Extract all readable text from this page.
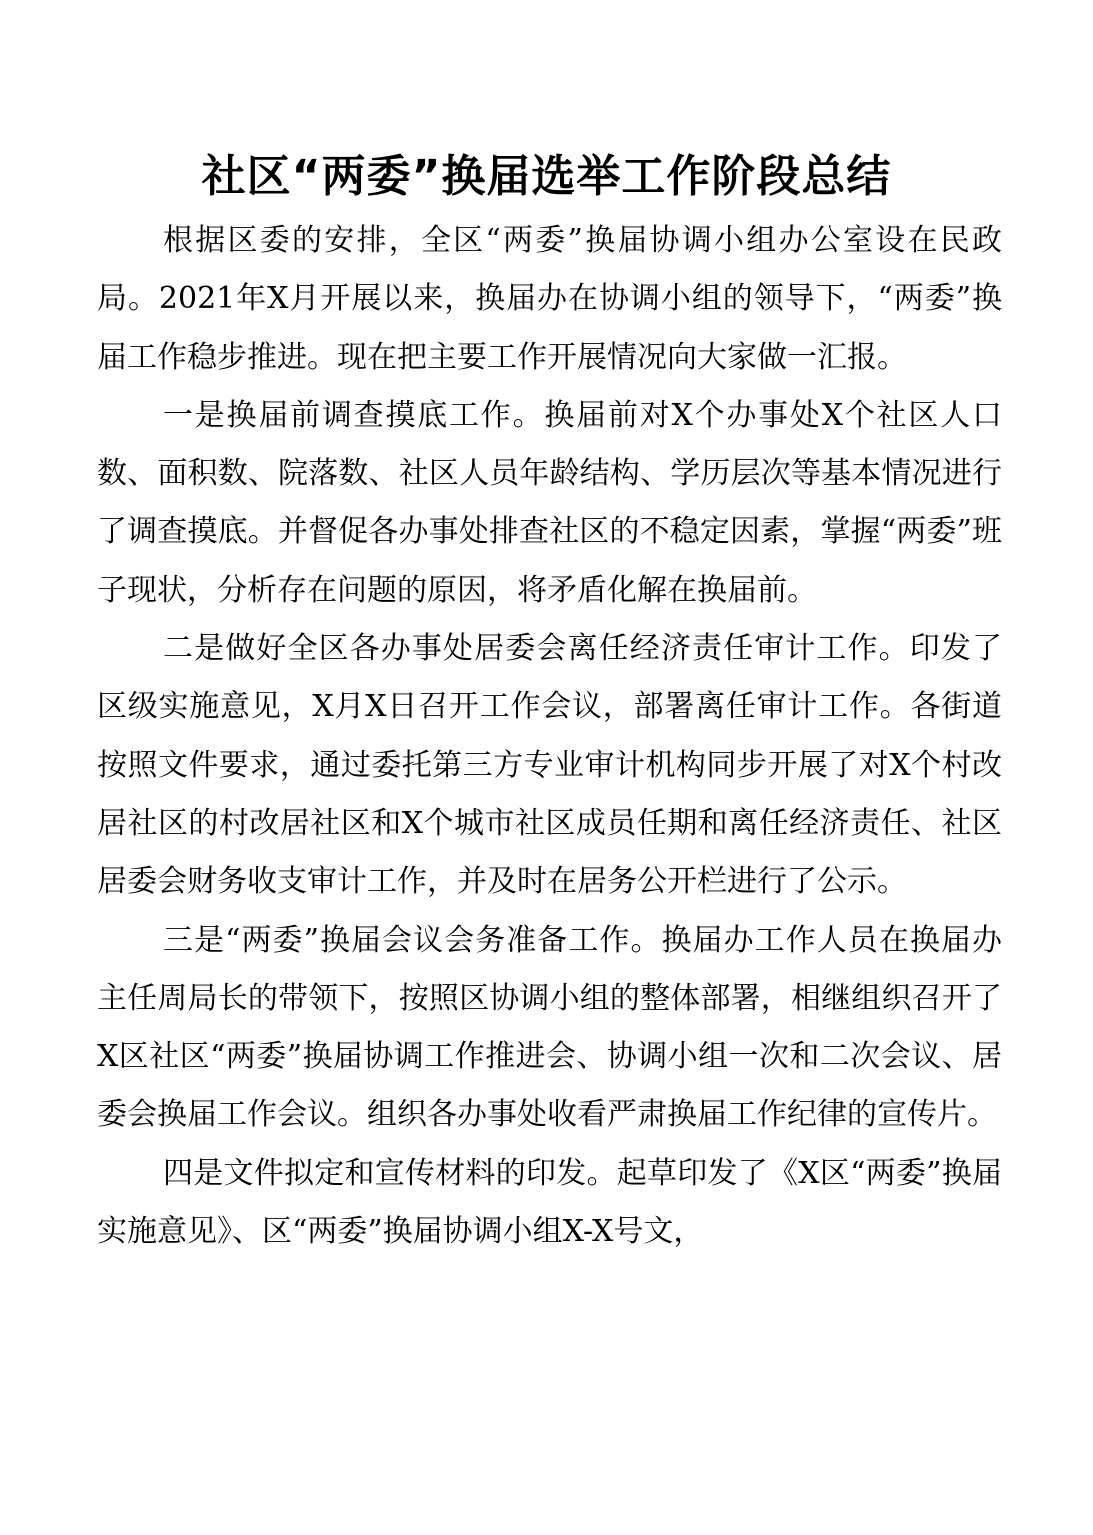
社区“两委”换届选举工作阶段总结

根据区委的安排，全区“两委”换届协调小组办公室设在民政局。2021年X月开展以来，换届办在协调小组的领导下，“两委”换届工作稳步推进。现在把主要工作开展情况向大家做一汇报。

一是换届前调查摸底工作。换届前对X个办事处X个社区人口数、面积数、院落数、社区人员年龄结构、学历层次等基本情况进行了调查摸底。并督促各办事处排查社区的不稳定因素，掌握“两委”班子现状，分析存在问题的原因，将矛盾化解在换届前。

二是做好全区各办事处居委会离任经济责任审计工作。印发了区级实施意见，X月X日召开工作会议，部署离任审计工作。各街道按照文件要求，通过委托第三方专业审计机构同步开展了对X个村改居社区的村改居社区和X个城市社区成员任期和离任经济责任、社区居委会财务收支审计工作，并及时在居务公开栏进行了公示。

三是“两委”换届会议会务准备工作。换届办工作人员在换届办主任周局长的带领下，按照区协调小组的整体部署，相继组织召开了X区社区“两委”换届协调工作推进会、协调小组一次和二次会议、居委会换届工作会议。组织各办事处收看严肃换届工作纪律的宣传片。

四是文件拟定和宣传材料的印发。起草印发了《X区“两委”换届实施意见》、区“两委”换届协调小组X-X号文，
